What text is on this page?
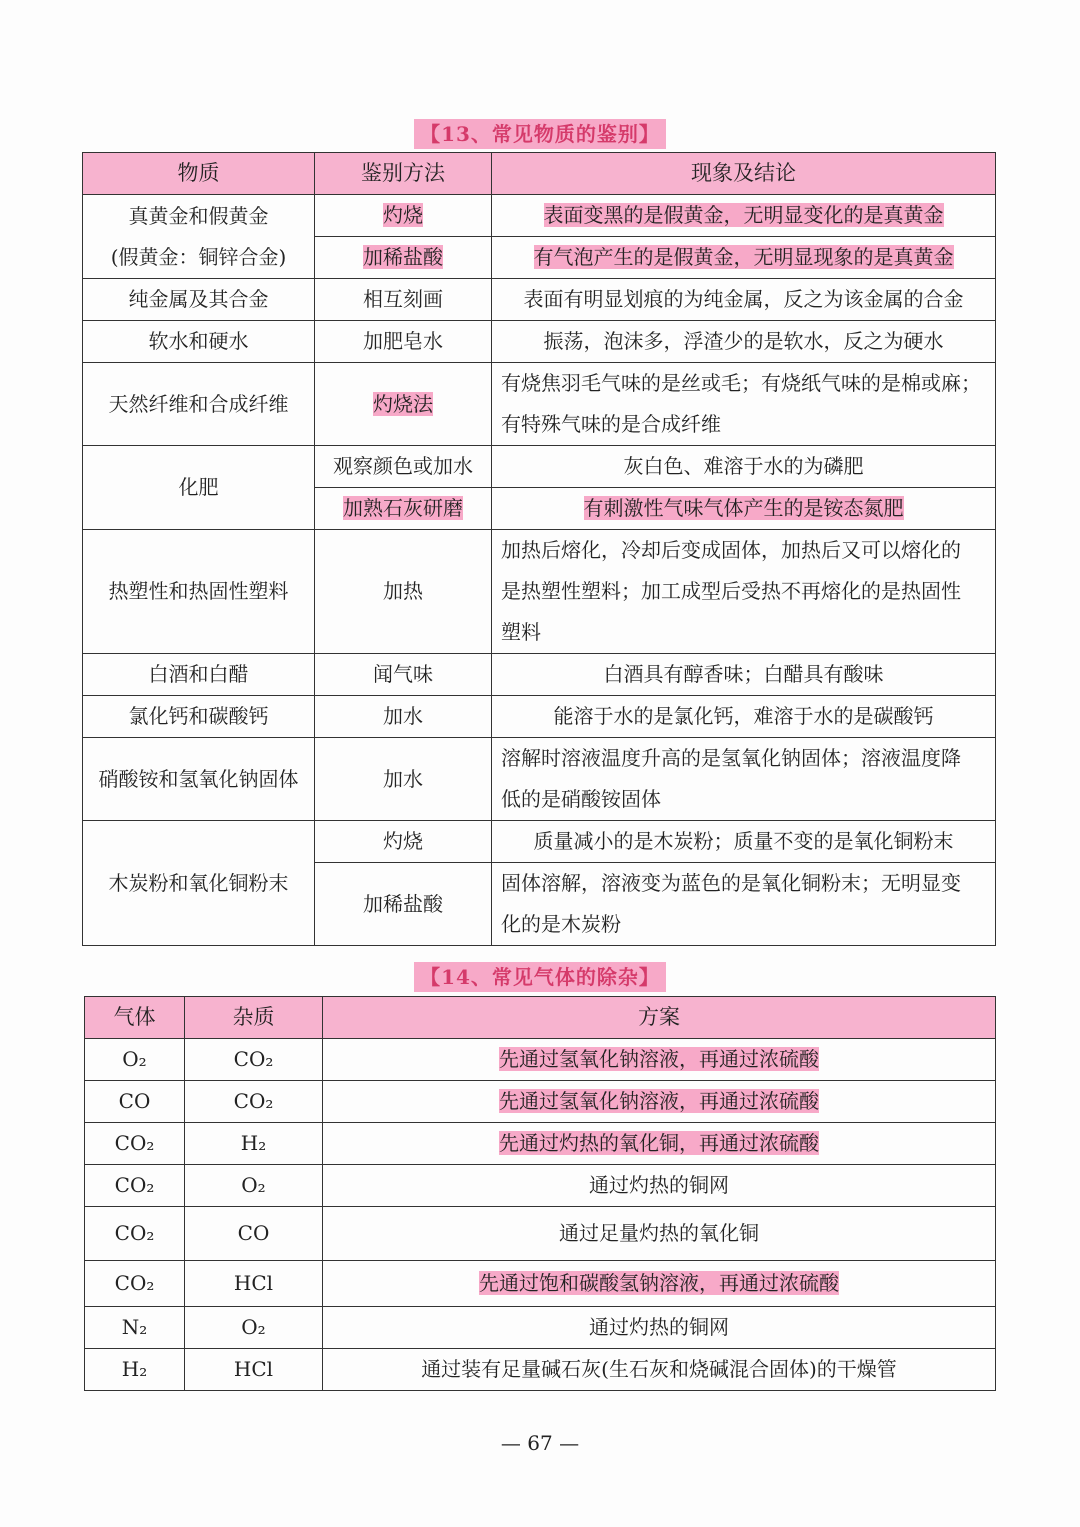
【13、常见物质的鉴别】
物质	鉴别方法	现象及结论

真黄金和假黄金
(假黄金：铜锌合金)	灼烧	表面变黑的是假黄金，无明显变化的是真黄金
	加稀盐酸	有气泡产生的是假黄金，无明显现象的是真黄金
纯金属及其合金	相互刻画	表面有明显划痕的为纯金属，反之为该金属的合金
软水和硬水	加肥皂水	振荡，泡沫多，浮渣少的是软水，反之为硬水
天然纤维和合成纤维	灼烧法	有烧焦羽毛气味的是丝或毛；有烧纸气味的是棉或麻；
有特殊气味的是合成纤维

化肥	观察颜色或加水	灰白色、难溶于水的为磷肥
	加熟石灰研磨	有刺激性气味气体产生的是铵态氮肥
热塑性和热固性塑料	加热	加热后熔化，冷却后变成固体，加热后又可以熔化的
是热塑性塑料；加工成型后受热不再熔化的是热固性
塑料

白酒和白醋	闻气味	白酒具有醇香味；白醋具有酸味
氯化钙和碳酸钙	加水	能溶于水的是氯化钙，难溶于水的是碳酸钙
硝酸铵和氢氧化钠固体	加水	溶解时溶液温度升高的是氢氧化钠固体；溶液温度降
低的是硝酸铵固体

木炭粉和氧化铜粉末	灼烧	质量减小的是木炭粉；质量不变的是氧化铜粉末
	加稀盐酸	固体溶解，溶液变为蓝色的是氧化铜粉末；无明显变
化的是木炭粉
【14、常见气体的除杂】
气体	杂质	方案
O₂	CO₂	先通过氢氧化钠溶液，再通过浓硫酸
CO	CO₂	先通过氢氧化钠溶液，再通过浓硫酸
CO₂	H₂	先通过灼热的氧化铜，再通过浓硫酸
CO₂	O₂	通过灼热的铜网
CO₂	CO	通过足量灼热的氧化铜
CO₂	HCl	先通过饱和碳酸氢钠溶液，再通过浓硫酸
N₂	O₂	通过灼热的铜网
H₂	HCl	通过装有足量碱石灰(生石灰和烧碱混合固体)的干燥管
— 67 —
